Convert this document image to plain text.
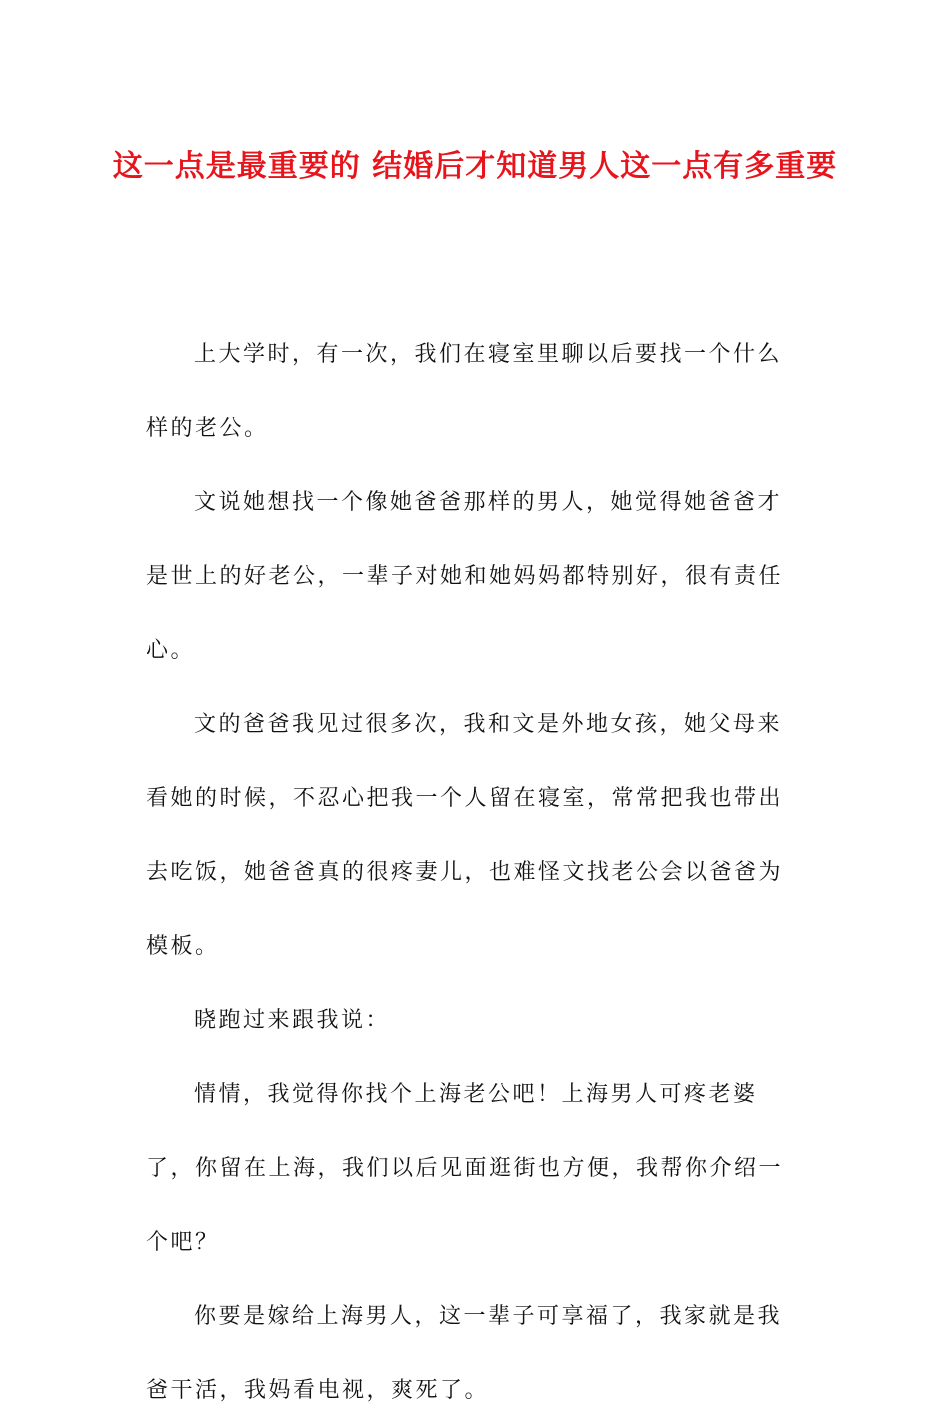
这一点是最重要的 结婚后才知道男人这一点有多重要

上大学时，有一次，我们在寝室里聊以后要找一个什么样的老公。

文说她想找一个像她爸爸那样的男人，她觉得她爸爸才是世上的好老公，一辈子对她和她妈妈都特别好，很有责任心。

文的爸爸我见过很多次，我和文是外地女孩，她父母来看她的时候，不忍心把我一个人留在寝室，常常把我也带出去吃饭，她爸爸真的很疼妻儿，也难怪文找老公会以爸爸为模板。

晓跑过来跟我说：

情情，我觉得你找个上海老公吧！上海男人可疼老婆了，你留在上海，我们以后见面逛街也方便，我帮你介绍一个吧？

你要是嫁给上海男人，这一辈子可享福了，我家就是我爸干活，我妈看电视，爽死了。
